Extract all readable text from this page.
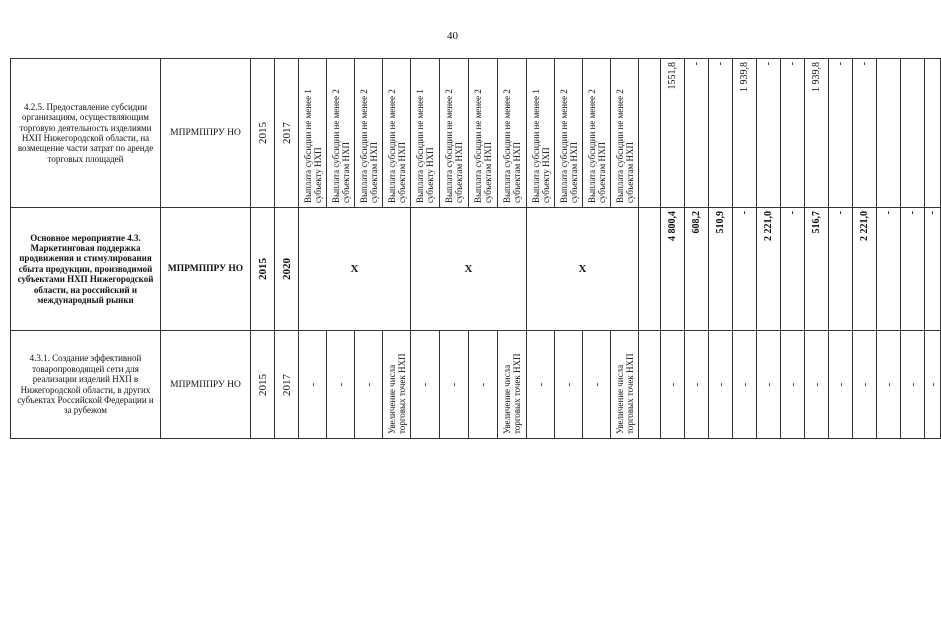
40
4.2.5. Предоставление субсидии организациям, осуществляющим торговую деятельность изделиями НХП Нижегородской области, на возмещение части затрат по аренде торговых площадей	МПРМППРУ НО	2015	2017	Выплата субсидии не менее 1 субъекту НХП	Выплата субсидии не менее 2 субъектам НХП	Выплата субсидии не менее 2 субъектам НХП	Выплата субсидии не менее 2 субъектам НХП	Выплата субсидии не менее 1 субъекту НХП	Выплата субсидии не менее 2 субъектам НХП	Выплата субсидии не менее 2 субъектам НХП	Выплата субсидии не менее 2 субъектам НХП	Выплата субсидии не менее 1 субъекту НХП	Выплата субсидии не менее 2 субъектам НХП	Выплата субсидии не менее 2 субъектам НХП	Выплата субсидии не менее 2 субъектам НХП		1551,8	-	-	1 939,8	-	-	1 939,8	-	-			

Основное мероприятие 4.3. Маркетинговая поддержка продвижения и стимулирования сбыта продукции, производимой субъектами НХП Нижегородской области, на российский и международный рынки	МПРМППРУ НО	2015	2020	Х				Х				Х					4 800,4	608,2	510,9	-	2 221,0	-	516,7	-	2 221,0	-	-	-

4.3.1. Создание эффективной товаропроводящей сети для реализации изделий НХП в Нижегородской области, в других субъектах Российской Федерации и за рубежом	МПРМППРУ НО	2015	2017	-	-	-	Увеличение числа торговых точек НХП	-	-	-	Увеличение числа торговых точек НХП	-	-	-	Увеличение числа торговых точек НХП		-	-	-	-	-	-	-	-	-	-	-	-
